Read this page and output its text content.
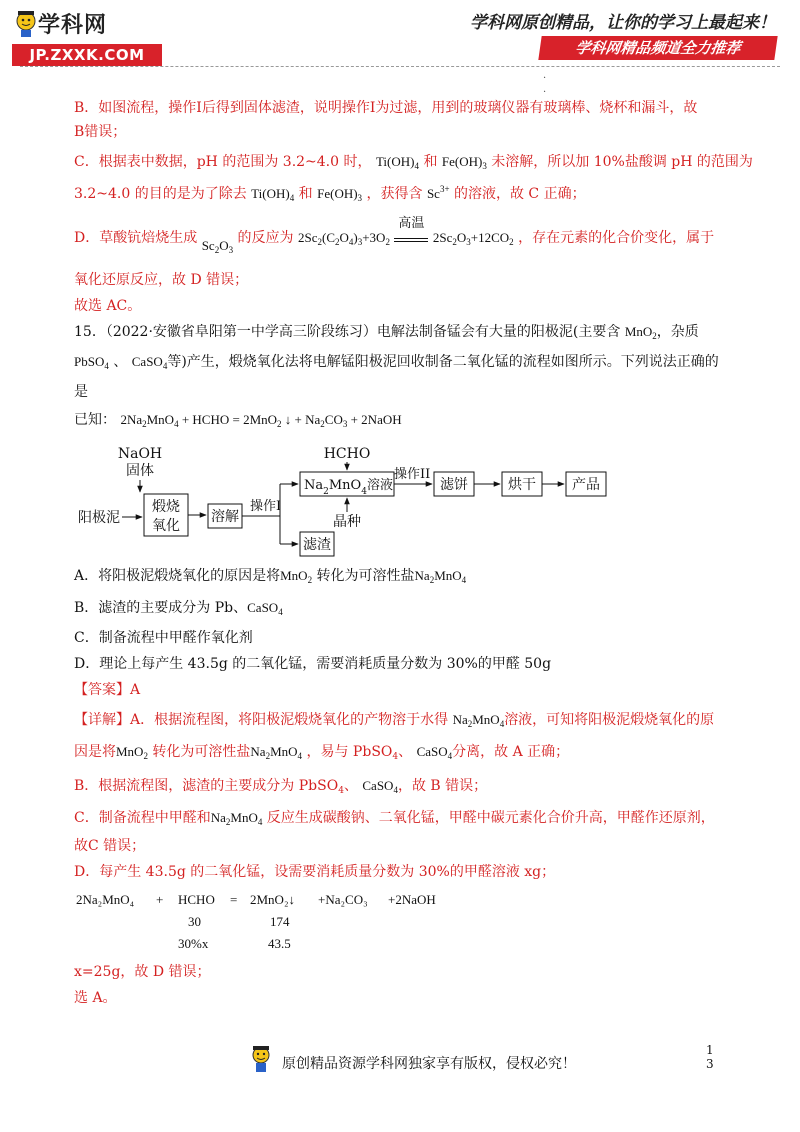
学科网
JP.ZXXK.COM
学科网原创精品，让你的学习上最起来！
学科网精品频道全力推荐
·
·
B．如图流程，操作Ⅰ后得到固体滤渣，说明操作Ⅰ为过滤，用到的玻璃仪器有玻璃棒、烧杯和漏斗，故
B错误；
C．根据表中数据，pH 的范围为 3.2~4.0 时， $Ti(OH)_4$ 和 $Fe(OH)_3$ 未溶解，所以加 10%盐酸调 pH 的范围为
3.2~4.0 的目的是为了除去 $Ti(OH)_4$ 和 $Fe(OH)_3$ ，获得含 $Sc^{3+}$ 的溶液，故 C 正确；
D．草酸钪焙烧生成 $Sc_2O_3$ 的反应为 $2Sc_2(C_2O_4)_3+3O_2$
高温
$2Sc_2O_3+12CO_2$ ，存在元素的化合价变化，属于
氧化还原反应，故 D 错误；
故选 AC。
15．（2022·安徽省阜阳第一中学高三阶段练习）电解法制备锰会有大量的阳极泥(主要含 MnO$_2$，杂质
PbSO$_4$ 、 CaSO$_4$等)产生，煅烧氧化法将电解锰阳极泥回收制备二氧化锰的流程如图所示。下列说法正确的
是
已知： $2Na_2MnO_4$ + HCHO = 2MnO$_2$ ↓ + $Na_2CO_3$ + 2NaOH
NaOH
固体
阳极泥
煅烧
氧化
溶解
操作I
HCHO
$Na_2MnO_4$溶液
晶种
操作II
滤饼	烘干	产品
滤渣
A．将阳极泥煅烧氧化的原因是将MnO$_2$ 转化为可溶性盐$Na_2MnO_4$
B．滤渣的主要成分为 Pb、CaSO$_4$
C．制备流程中甲醛作氧化剂
D．理论上每产生 43.5g 的二氧化锰，需要消耗质量分数为 30%的甲醛 50g
【答案】A
【详解】A．根据流程图，将阳极泥煅烧氧化的产物溶于水得 $Na_2MnO_4$溶液，可知将阳极泥煅烧氧化的原
因是将MnO$_2$ 转化为可溶性盐$Na_2MnO_4$ ，易与 PbSO$_4$、 CaSO$_4$分离，故 A 正确；
B．根据流程图，滤渣的主要成分为 PbSO$_4$、 CaSO$_4$，故 B 错误；
C．制备流程中甲醛和$Na_2MnO_4$ 反应生成碳酸钠、二氧化锰，甲醛中碳元素化合价升高，甲醛作还原剂，
故C 错误；
D．每产生 43.5g 的二氧化锰，设需要消耗质量分数为 30%的甲醛溶液 xg；
2Na₂MnO₄ + HCHO = 2MnO₂↓ +Na₂CO₃ +2NaOH
30	174
30%x	43.5
x=25g，故 D 错误；
选 A。
原创精品资源学科网独家享有版权，侵权必究！
1
3
